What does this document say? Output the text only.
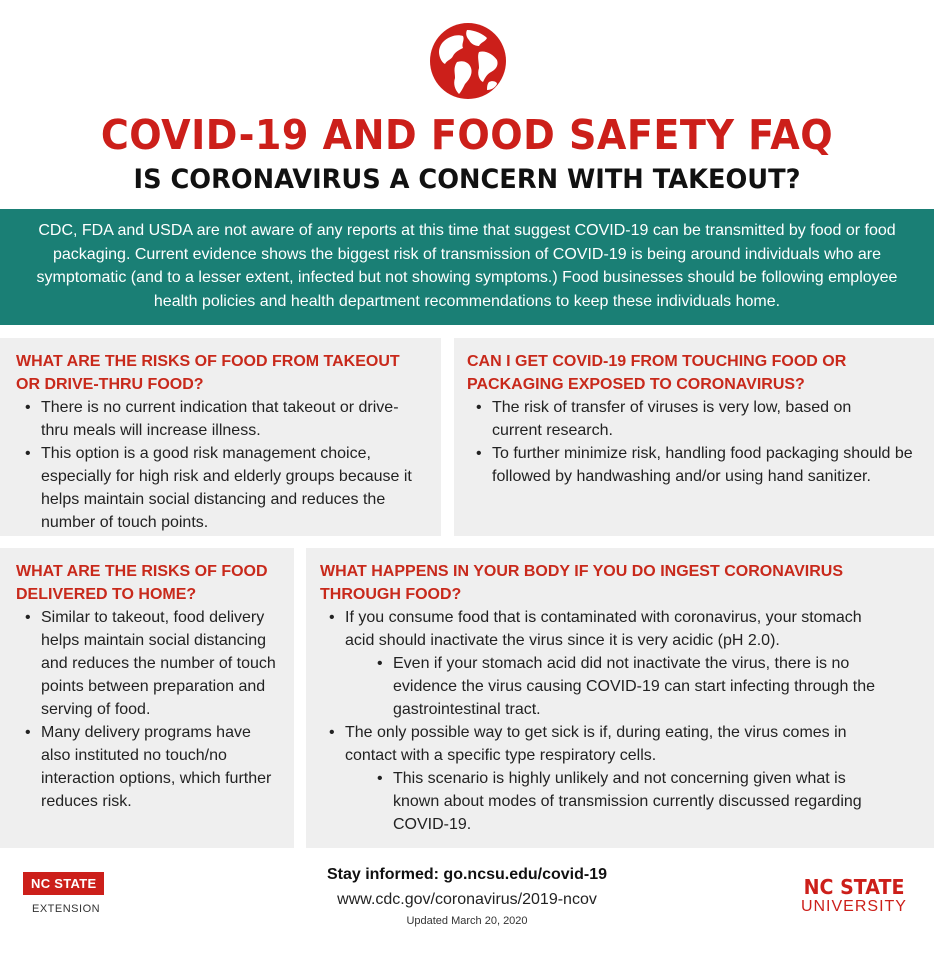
COVID-19 AND FOOD SAFETY FAQ
IS CORONAVIRUS A CONCERN WITH TAKEOUT?

CDC, FDA and USDA are not aware of any reports at this time that suggest COVID-19 can be transmitted by food or food packaging. Current evidence shows the biggest risk of transmission of COVID-19 is being around individuals who are symptomatic (and to a lesser extent, infected but not showing symptoms.) Food businesses should be following employee health policies and health department recommendations to keep these individuals home.

WHAT ARE THE RISKS OF FOOD FROM TAKEOUT OR DRIVE-THRU FOOD?
• There is no current indication that takeout or drive-thru meals will increase illness.
• This option is a good risk management choice, especially for high risk and elderly groups because it helps maintain social distancing and reduces the number of touch points.
CAN I GET COVID-19 FROM TOUCHING FOOD OR PACKAGING EXPOSED TO CORONAVIRUS?
• The risk of transfer of viruses is very low, based on current research.
• To further minimize risk, handling food packaging should be followed by handwashing and/or using hand sanitizer.
WHAT ARE THE RISKS OF FOOD DELIVERED TO HOME?
• Similar to takeout, food delivery helps maintain social distancing and reduces the number of touch points between preparation and serving of food.
• Many delivery programs have also instituted no touch/no interaction options, which further reduces risk.
WHAT HAPPENS IN YOUR BODY IF YOU DO INGEST CORONAVIRUS THROUGH FOOD?
• If you consume food that is contaminated with coronavirus, your stomach acid should inactivate the virus since it is very acidic (pH 2.0).
• Even if your stomach acid did not inactivate the virus, there is no evidence the virus causing COVID-19 can start infecting through the gastrointestinal tract.
• The only possible way to get sick is if, during eating, the virus comes in contact with a specific type respiratory cells.
• This scenario is highly unlikely and not concerning given what is known about modes of transmission currently discussed regarding COVID-19.
NC STATE
EXTENSION
Stay informed: go.ncsu.edu/covid-19
www.cdc.gov/coronavirus/2019-ncov
Updated March 20, 2020
NC STATE
UNIVERSITY
